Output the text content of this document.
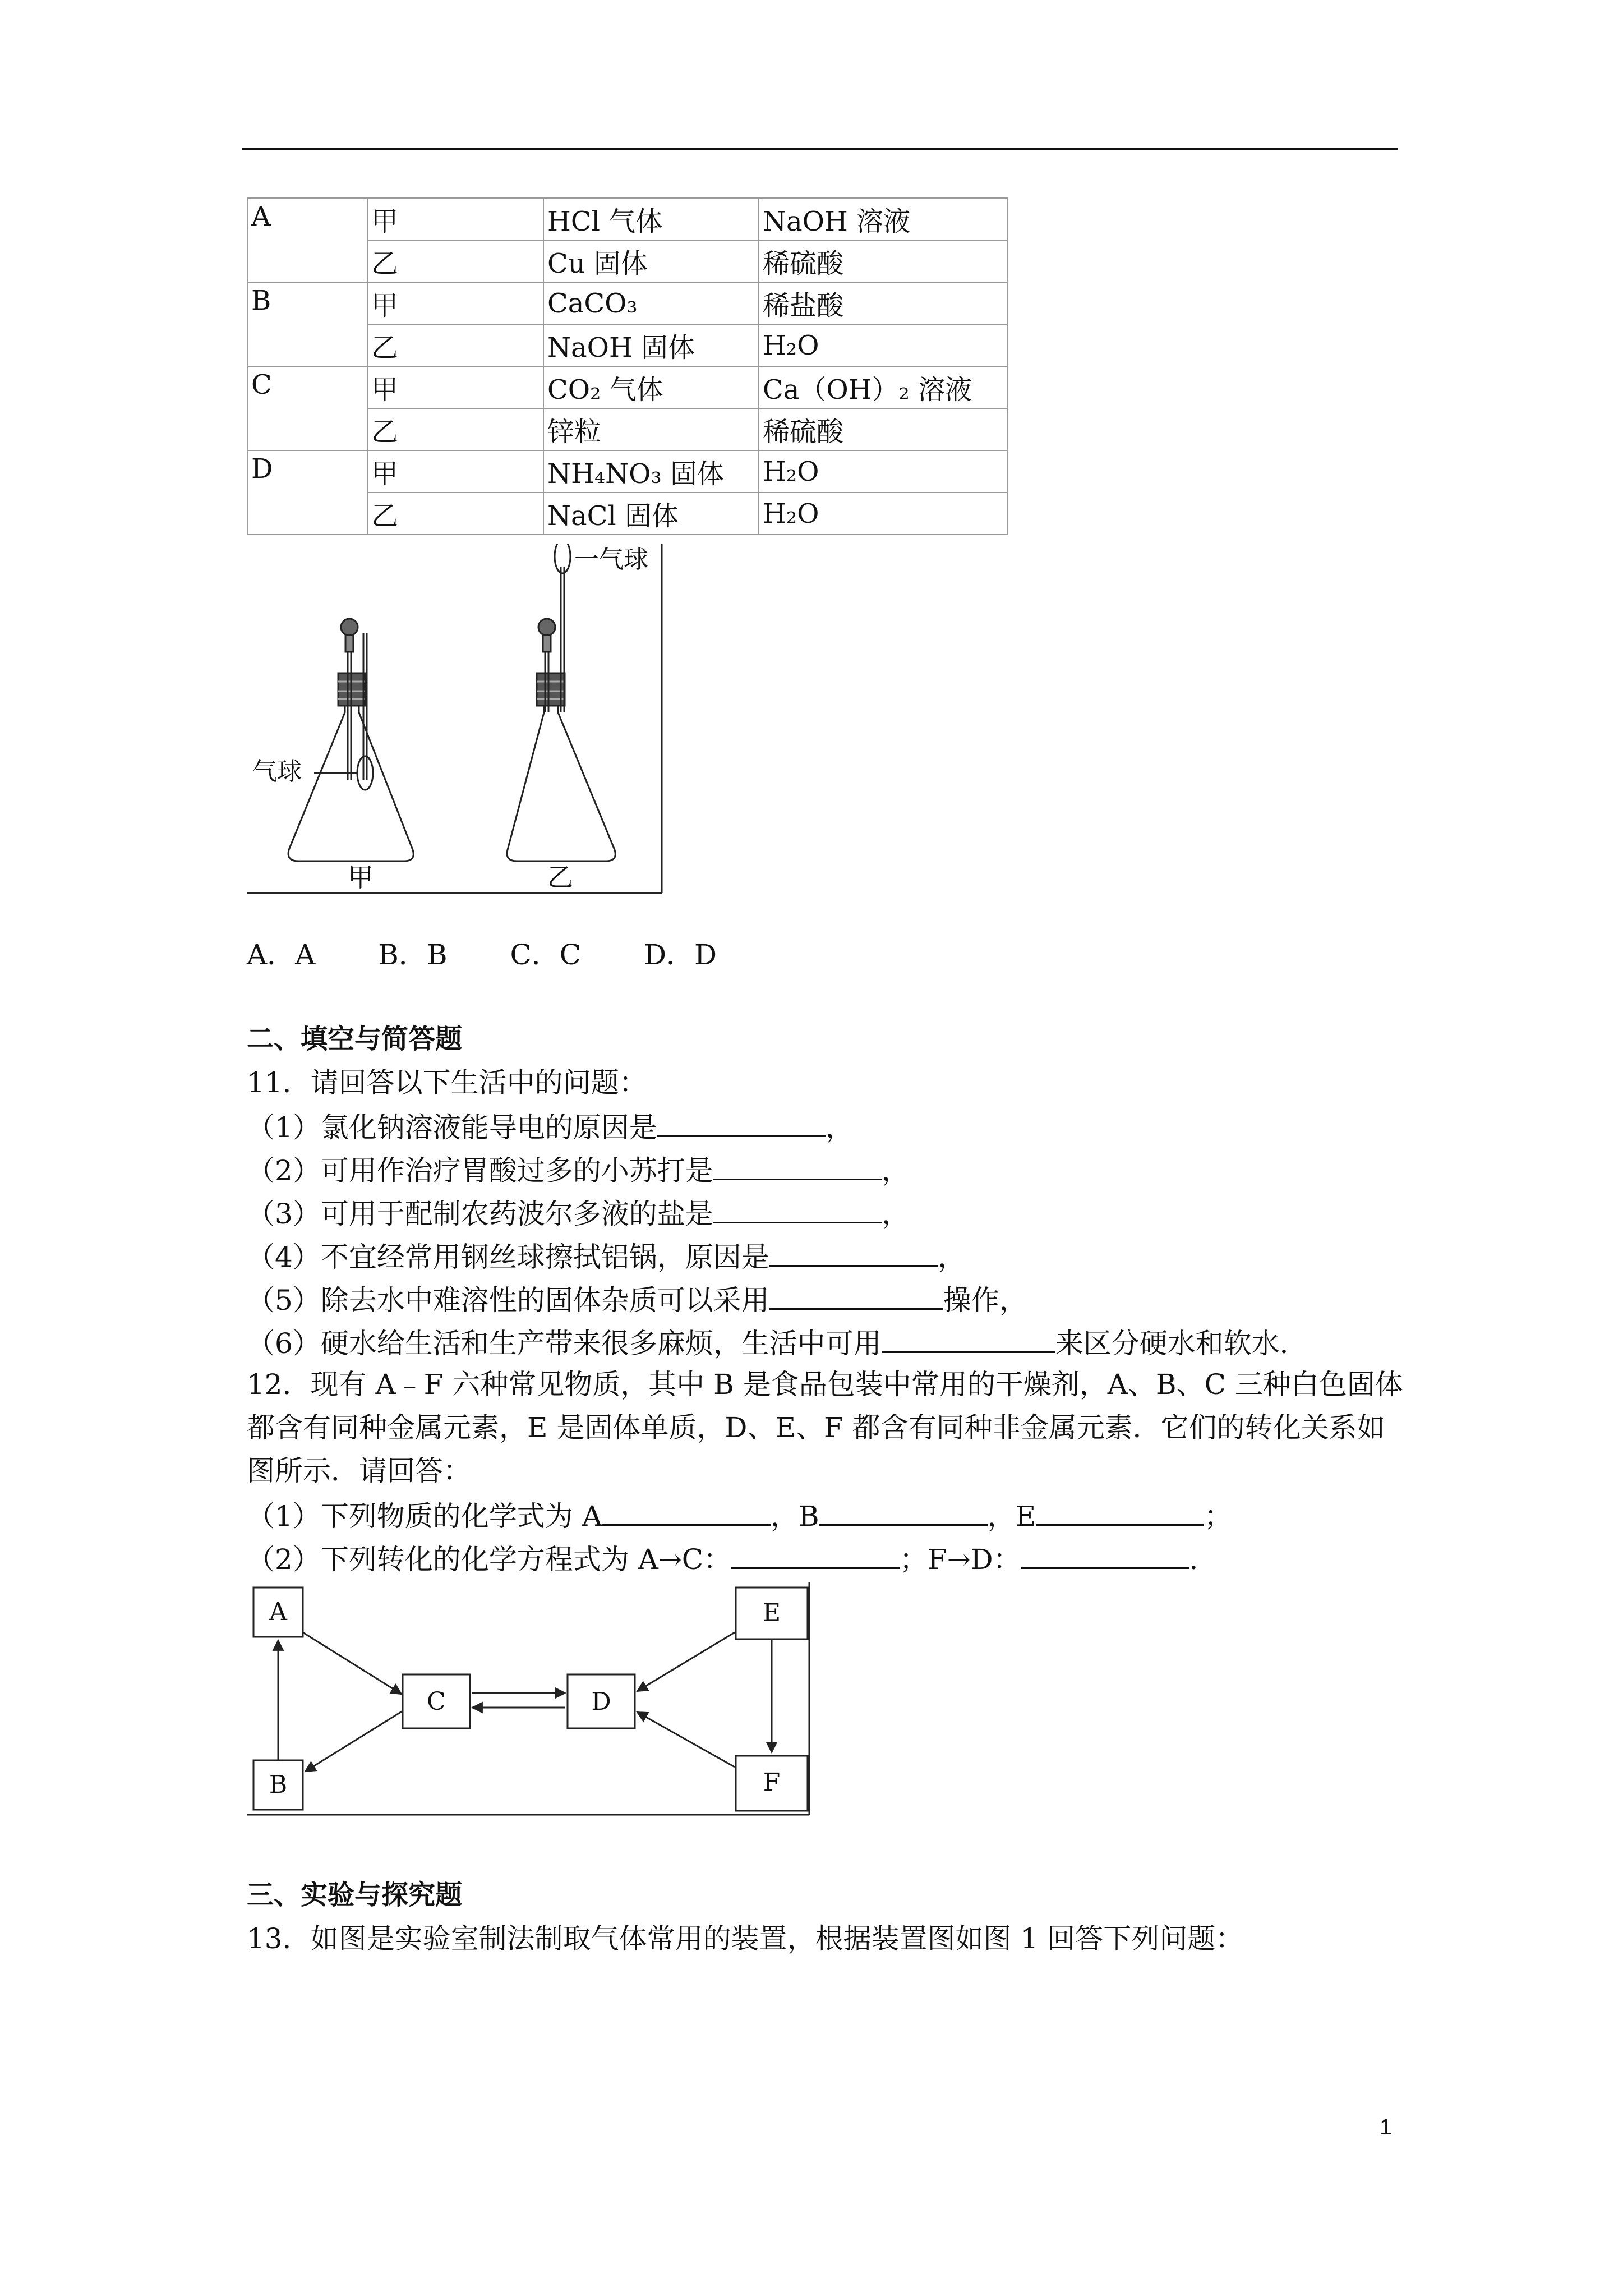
A	甲	HCl 气体	NaOH 溶液
	乙	Cu 固体	稀硫酸
B	甲	CaCO₃	稀盐酸
	乙	NaOH 固体	H₂O
C	甲	CO₂ 气体	Ca（OH）₂ 溶液
	乙	锌粒	稀硫酸
D	甲	NH₄NO₃ 固体	H₂O
	乙	NaCl 固体	H₂O
气球
甲
一气球
乙
A．A B．B C．C D．D
二、填空与简答题
11．请回答以下生活中的问题：
（1）氯化钠溶液能导电的原因是	，
（2）可用作治疗胃酸过多的小苏打是	，
（3）可用于配制农药波尔多液的盐是	，
（4）不宜经常用钢丝球擦拭铝锅，原因是	，
（5）除去水中难溶性的固体杂质可以采用	操作，
（6）硬水给生活和生产带来很多麻烦，生活中可用	来区分硬水和软水．
12．现有 A﹣F 六种常见物质，其中 B 是食品包装中常用的干燥剂，A、B、C 三种白色固体
都含有同种金属元素，E 是固体单质，D、E、F 都含有同种非金属元素．它们的转化关系如
图所示．请回答：
（1）下列物质的化学式为 A	，B	，E	；
（2）下列转化的化学方程式为 A→C：	；F→D：	．
A
B
C	D
E
F
三、实验与探究题
13．如图是实验室制法制取气体常用的装置，根据装置图如图 1 回答下列问题：
1
